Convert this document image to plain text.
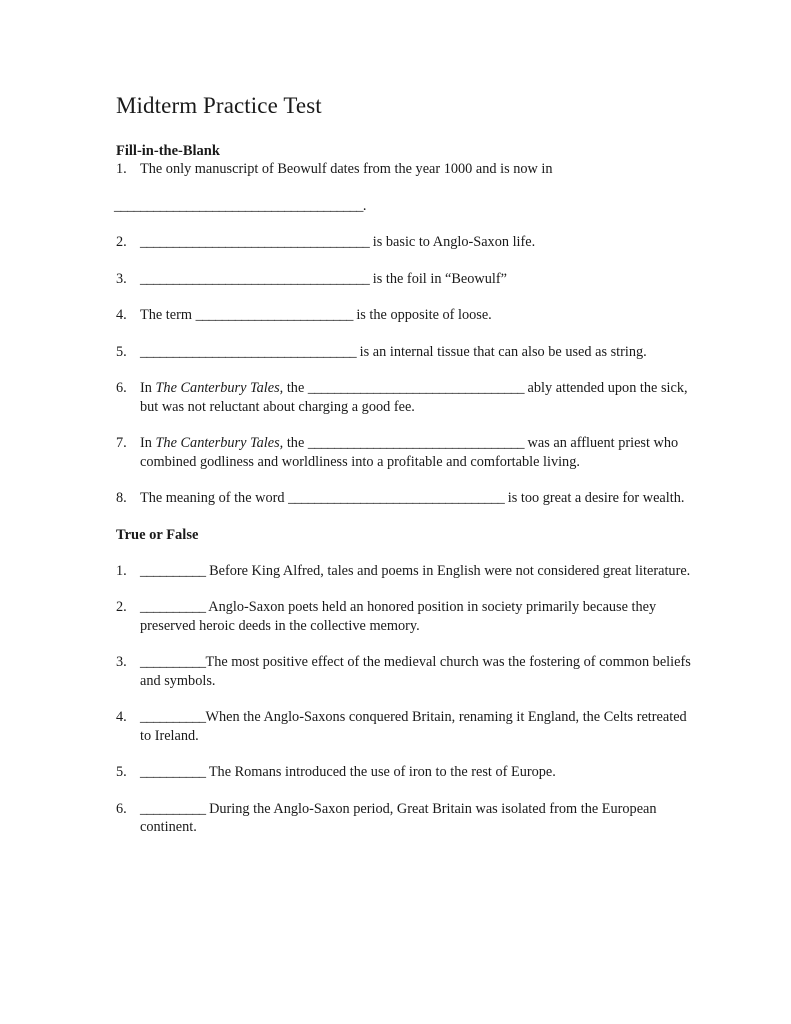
Midterm Practice Test
Fill-in-the-Blank
1. The only manuscript of Beowulf dates from the year 1000 and is now in
______________________________________.
2. ___________________________________ is basic to Anglo-Saxon life.
3. ___________________________________ is the foil in “Beowulf”
4. The term ________________________ is the opposite of loose.
5. _________________________________ is an internal tissue that can also be used as string.
6. In The Canterbury Tales, the _________________________________ ably attended upon the sick, but was not reluctant about charging a good fee.
7. In The Canterbury Tales, the _________________________________ was an affluent priest who combined godliness and worldliness into a profitable and comfortable living.
8. The meaning of the word _________________________________ is too great a desire for wealth.
True or False
1. __________ Before King Alfred, tales and poems in English were not considered great literature.
2. __________ Anglo-Saxon poets held an honored position in society primarily because they preserved heroic deeds in the collective memory.
3. __________The most positive effect of the medieval church was the fostering of common beliefs and symbols.
4. __________When the Anglo-Saxons conquered Britain, renaming it England, the Celts retreated to Ireland.
5. __________ The Romans introduced the use of iron to the rest of Europe.
6. __________ During the Anglo-Saxon period, Great Britain was isolated from the European continent.
